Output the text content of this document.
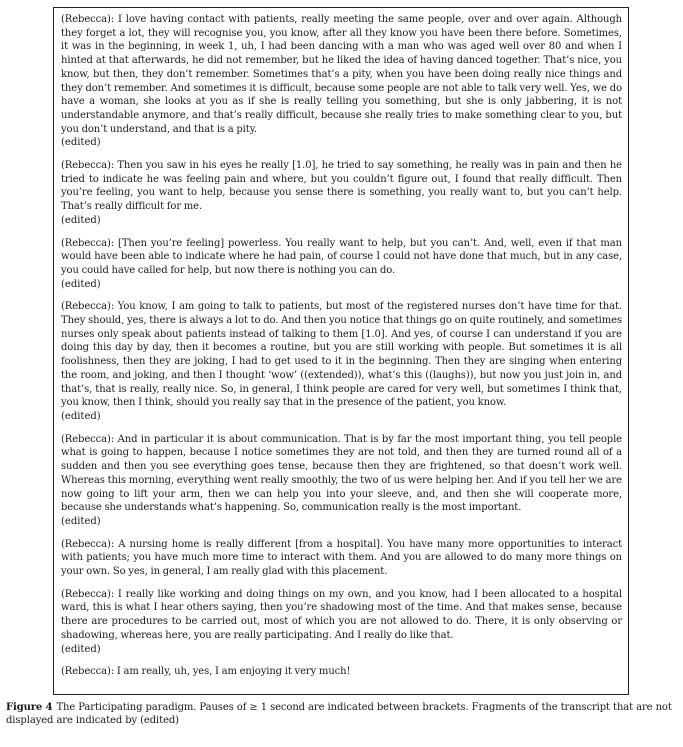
(Rebecca): I love having contact with patients, really meeting the same people, over and over again. Although they forget a lot, they will recognise you, you know, after all they know you have been there before. Sometimes, it was in the beginning, in week 1, uh, I had been dancing with a man who was aged well over 80 and when I hinted at that afterwards, he did not remember, but he liked the idea of having danced together. That’s nice, you know, but then, they don’t remember. Sometimes that’s a pity, when you have been doing really nice things and they don’t remember. And sometimes it is difficult, because some people are not able to talk very well. Yes, we do have a woman, she looks at you as if she is really telling you something, but she is only jabbering, it is not understandable anymore, and that’s really difficult, because she really tries to make something clear to you, but you don’t understand, and that is a pity.

(edited)

(Rebecca): Then you saw in his eyes he really [1.0], he tried to say something, he really was in pain and then he tried to indicate he was feeling pain and where, but you couldn’t figure out, I found that really difficult. Then you’re feeling, you want to help, because you sense there is something, you really want to, but you can’t help. That’s really difficult for me.

(edited)

(Rebecca): [Then you’re feeling] powerless. You really want to help, but you can’t. And, well, even if that man would have been able to indicate where he had pain, of course I could not have done that much, but in any case, you could have called for help, but now there is nothing you can do.

(edited)

(Rebecca): You know, I am going to talk to patients, but most of the registered nurses don’t have time for that. They should, yes, there is always a lot to do. And then you notice that things go on quite routinely, and sometimes nurses only speak about patients instead of talking to them [1.0]. And yes, of course I can understand if you are doing this day by day, then it becomes a routine, but you are still working with people. But sometimes it is all foolishness, then they are joking, I had to get used to it in the beginning. Then they are singing when entering the room, and joking, and then I thought ‘wow’ ((extended)), what’s this ((laughs)), but now you just join in, and that’s, that is really, really nice. So, in general, I think people are cared for very well, but sometimes I think that, you know, then I think, should you really say that in the presence of the patient, you know.

(edited)

(Rebecca): And in particular it is about communication. That is by far the most important thing, you tell people what is going to happen, because I notice sometimes they are not told, and then they are turned round all of a sudden and then you see everything goes tense, because then they are frightened, so that doesn’t work well. Whereas this morning, everything went really smoothly, the two of us were helping her. And if you tell her we are now going to lift your arm, then we can help you into your sleeve, and, and then she will cooperate more, because she understands what’s happening. So, communication really is the most important.

(edited)

(Rebecca): A nursing home is really different [from a hospital]. You have many more opportunities to interact with patients; you have much more time to interact with them. And you are allowed to do many more things on your own. So yes, in general, I am really glad with this placement.

(Rebecca): I really like working and doing things on my own, and you know, had I been allocated to a hospital ward, this is what I hear others saying, then you’re shadowing most of the time. And that makes sense, because there are procedures to be carried out, most of which you are not allowed to do. There, it is only observing or shadowing, whereas here, you are really participating. And I really do like that.

(edited)

(Rebecca): I am really, uh, yes, I am enjoying it very much!

Figure 4 The Participating paradigm. Pauses of ≥ 1 second are indicated between brackets. Fragments of the transcript that are not displayed are indicated by (edited)
